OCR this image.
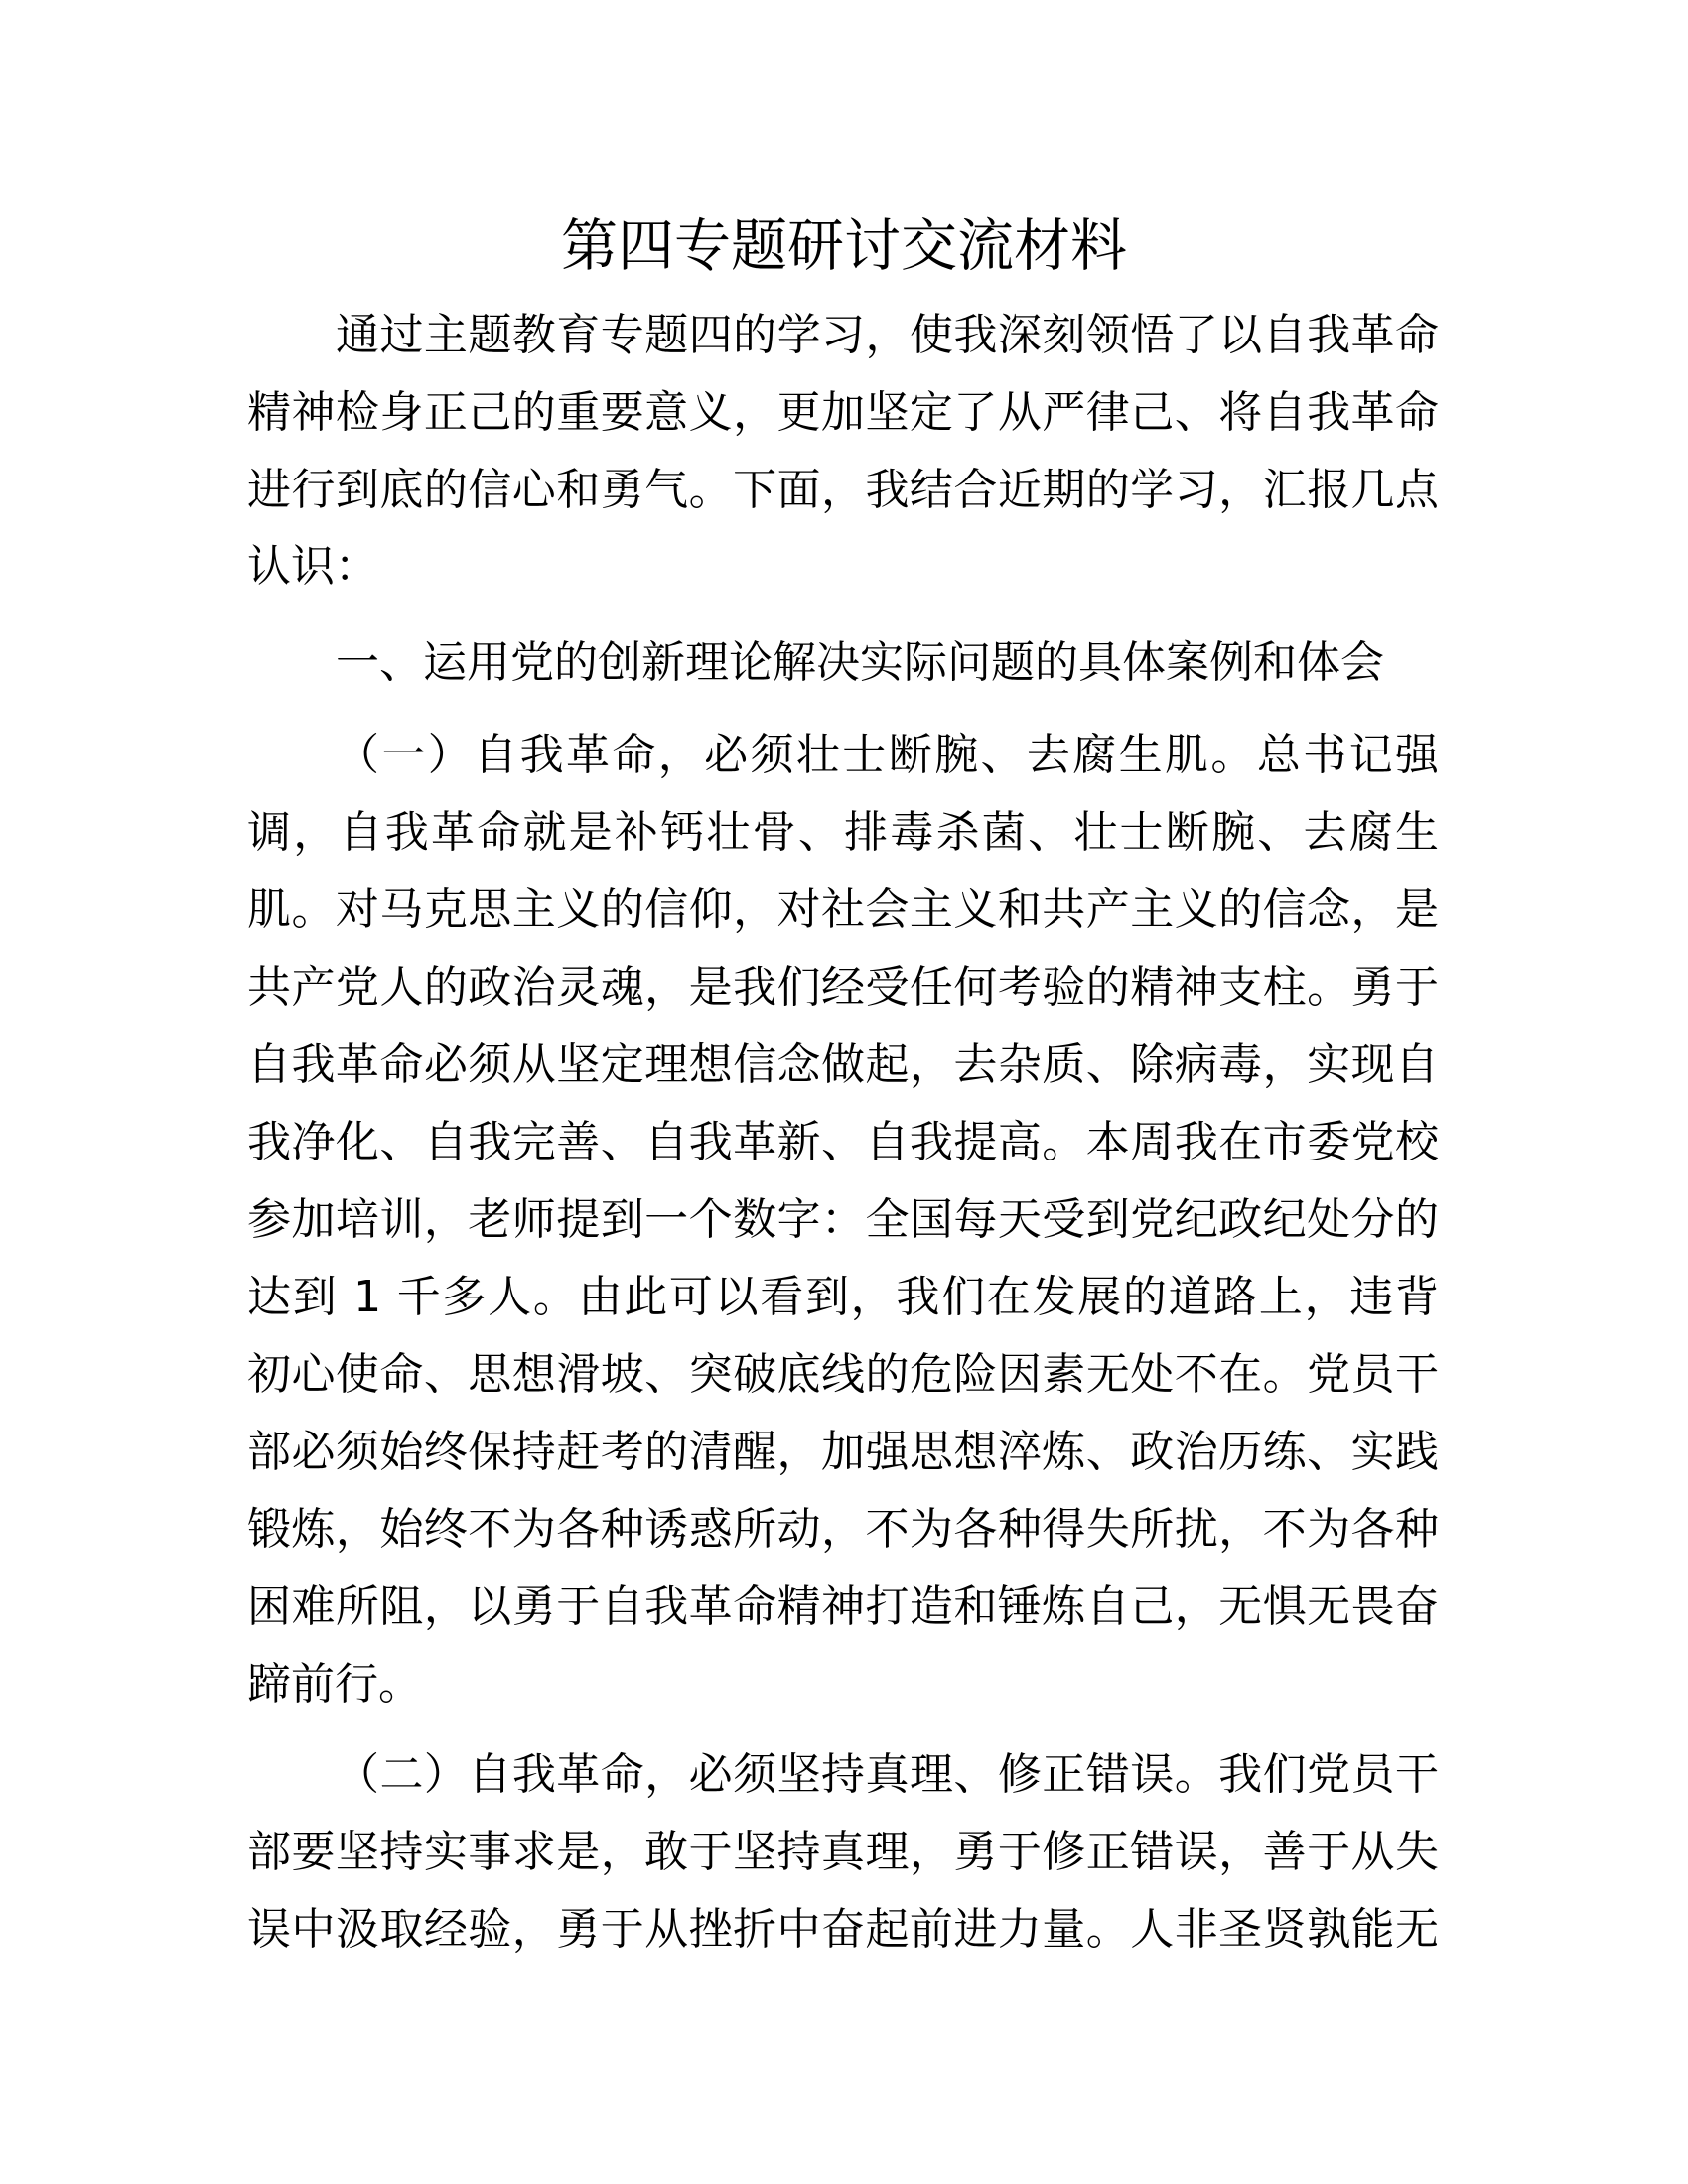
第四专题研讨交流材料
通过主题教育专题四的学习，使我深刻领悟了以自我革命
精神检身正己的重要意义，更加坚定了从严律己、将自我革命
进行到底的信心和勇气。下面，我结合近期的学习，汇报几点
认识：
一、运用党的创新理论解决实际问题的具体案例和体会
（一）自我革命，必须壮士断腕、去腐生肌。总书记强
调，自我革命就是补钙壮骨、排毒杀菌、壮士断腕、去腐生
肌。对马克思主义的信仰，对社会主义和共产主义的信念，是
共产党人的政治灵魂，是我们经受任何考验的精神支柱。勇于
自我革命必须从坚定理想信念做起，去杂质、除病毒，实现自
我净化、自我完善、自我革新、自我提高。本周我在市委党校
参加培训，老师提到一个数字：全国每天受到党纪政纪处分的
达到 1 千多人。由此可以看到，我们在发展的道路上，违背
初心使命、思想滑坡、突破底线的危险因素无处不在。党员干
部必须始终保持赶考的清醒，加强思想淬炼、政治历练、实践
锻炼，始终不为各种诱惑所动，不为各种得失所扰，不为各种
困难所阻，以勇于自我革命精神打造和锤炼自己，无惧无畏奋
蹄前行。
（二）自我革命，必须坚持真理、修正错误。我们党员干
部要坚持实事求是，敢于坚持真理，勇于修正错误，善于从失
误中汲取经验，勇于从挫折中奋起前进力量。人非圣贤孰能无
